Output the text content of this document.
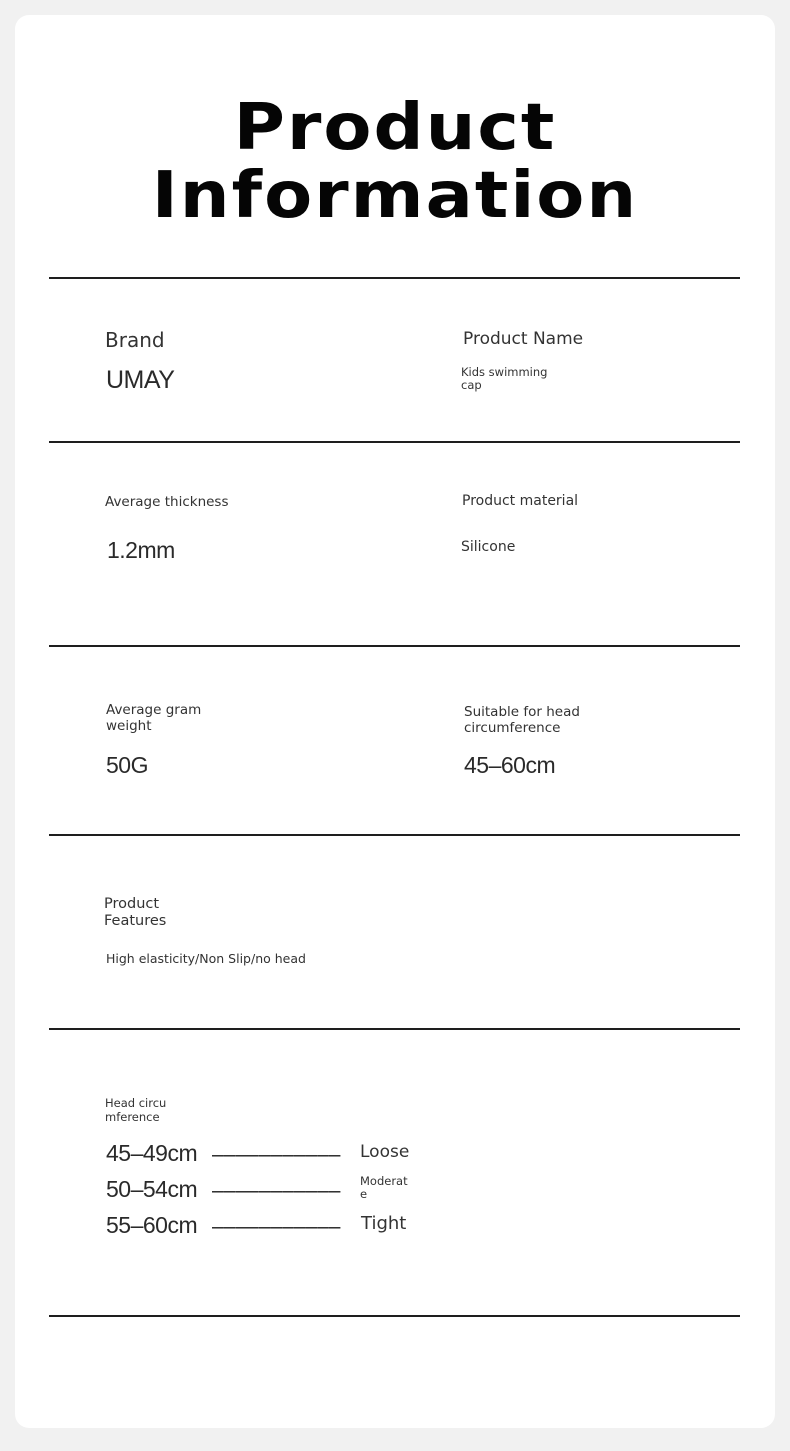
Product
Information
Brand
UMAY
Product Name
Kids swimming
cap
Average thickness
1.2mm
Product material
Silicone
Average gram
weight
50G
Suitable for head
circumference
45–60cm
Product
Features
High elasticity/Non Slip/no head
Head circu
mference
45–49cm ––––––––––– Loose
50–54cm ––––––––––– Moderat
e
55–60cm ––––––––––– Tight
